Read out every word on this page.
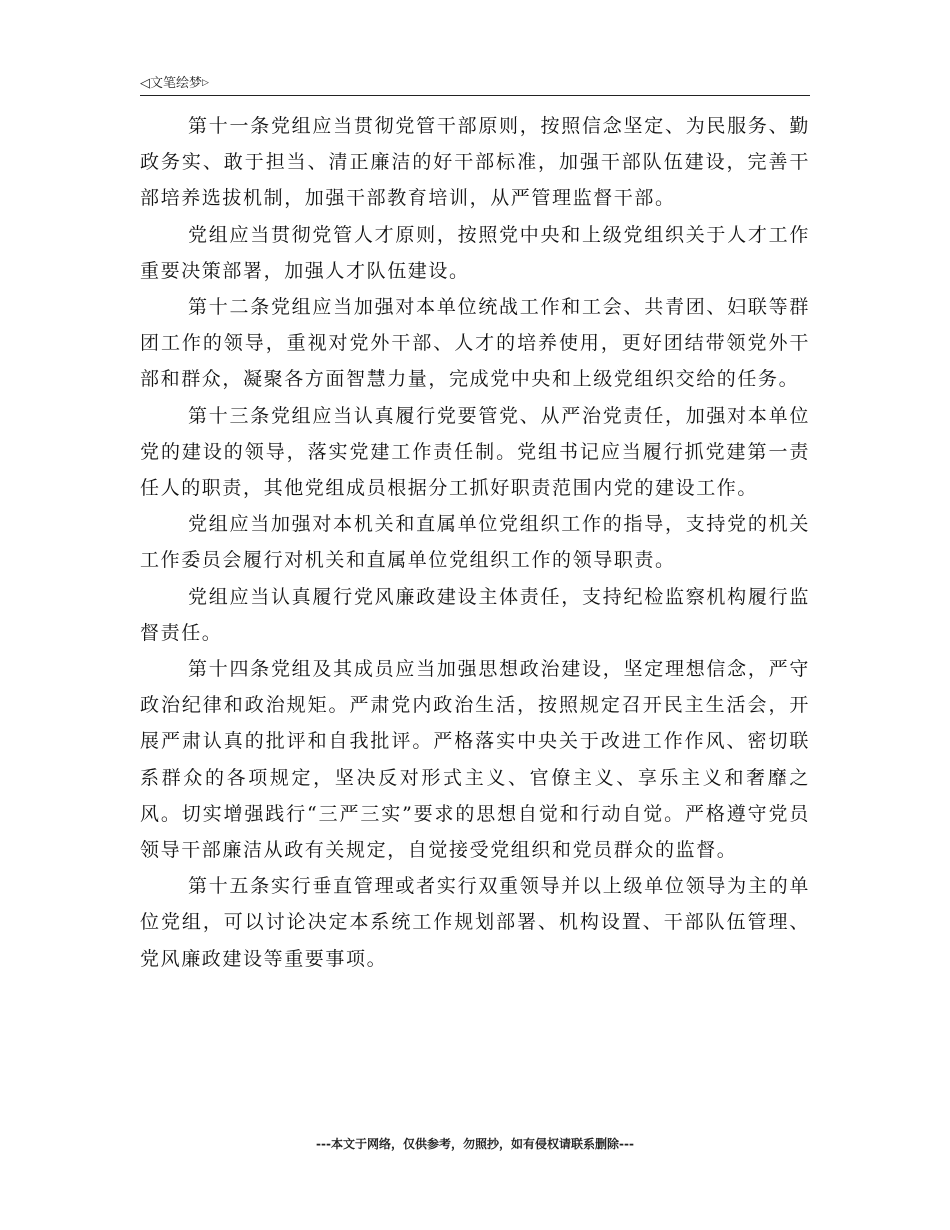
◁文笔绘梦▷

第十一条党组应当贯彻党管干部原则，按照信念坚定、为民服务、勤政务实、敢于担当、清正廉洁的好干部标准，加强干部队伍建设，完善干部培养选拔机制，加强干部教育培训，从严管理监督干部。

党组应当贯彻党管人才原则，按照党中央和上级党组织关于人才工作重要决策部署，加强人才队伍建设。

第十二条党组应当加强对本单位统战工作和工会、共青团、妇联等群团工作的领导，重视对党外干部、人才的培养使用，更好团结带领党外干部和群众，凝聚各方面智慧力量，完成党中央和上级党组织交给的任务。

第十三条党组应当认真履行党要管党、从严治党责任，加强对本单位党的建设的领导，落实党建工作责任制。党组书记应当履行抓党建第一责任人的职责，其他党组成员根据分工抓好职责范围内党的建设工作。

党组应当加强对本机关和直属单位党组织工作的指导，支持党的机关工作委员会履行对机关和直属单位党组织工作的领导职责。

党组应当认真履行党风廉政建设主体责任，支持纪检监察机构履行监督责任。

第十四条党组及其成员应当加强思想政治建设，坚定理想信念，严守政治纪律和政治规矩。严肃党内政治生活，按照规定召开民主生活会，开展严肃认真的批评和自我批评。严格落实中央关于改进工作作风、密切联系群众的各项规定，坚决反对形式主义、官僚主义、享乐主义和奢靡之风。切实增强践行“三严三实”要求的思想自觉和行动自觉。严格遵守党员领导干部廉洁从政有关规定，自觉接受党组织和党员群众的监督。

第十五条实行垂直管理或者实行双重领导并以上级单位领导为主的单位党组，可以讨论决定本系统工作规划部署、机构设置、干部队伍管理、党风廉政建设等重要事项。

---本文于网络，仅供参考，勿照抄，如有侵权请联系删除---
